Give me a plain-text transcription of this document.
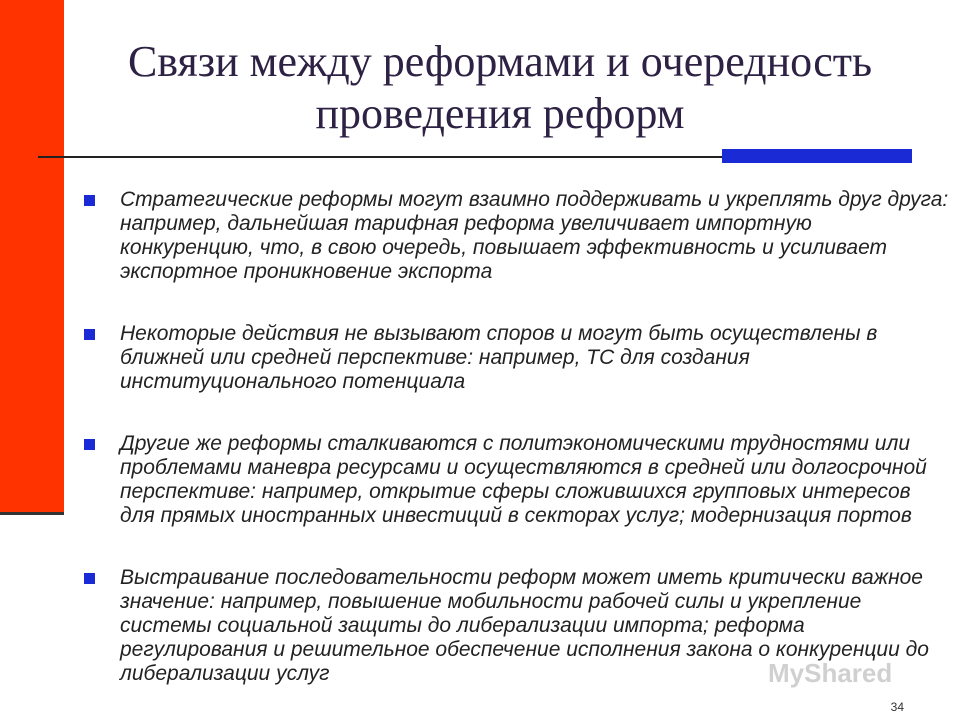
Связи между реформами и очередность проведения реформ
Стратегические реформы могут взаимно поддерживать и укреплять друг друга: например, дальнейшая тарифная реформа увеличивает импортную конкуренцию, что, в свою очередь, повышает эффективность и усиливает экспортное проникновение экспорта
Некоторые действия не вызывают споров и могут быть осуществлены в ближней или средней перспективе: например, ТС для создания институционального потенциала
Другие же реформы сталкиваются с политэкономическими трудностями или проблемами маневра ресурсами и осуществляются в средней или долгосрочной перспективе: например, открытие сферы сложившихся групповых интересов для прямых иностранных инвестиций в секторах услуг; модернизация портов
Выстраивание последовательности реформ может иметь критически важное значение: например, повышение мобильности рабочей силы и укрепление системы социальной защиты до либерализации импорта; реформа регулирования и решительное обеспечение исполнения закона о конкуренции до либерализации услуг	MyShared
34
